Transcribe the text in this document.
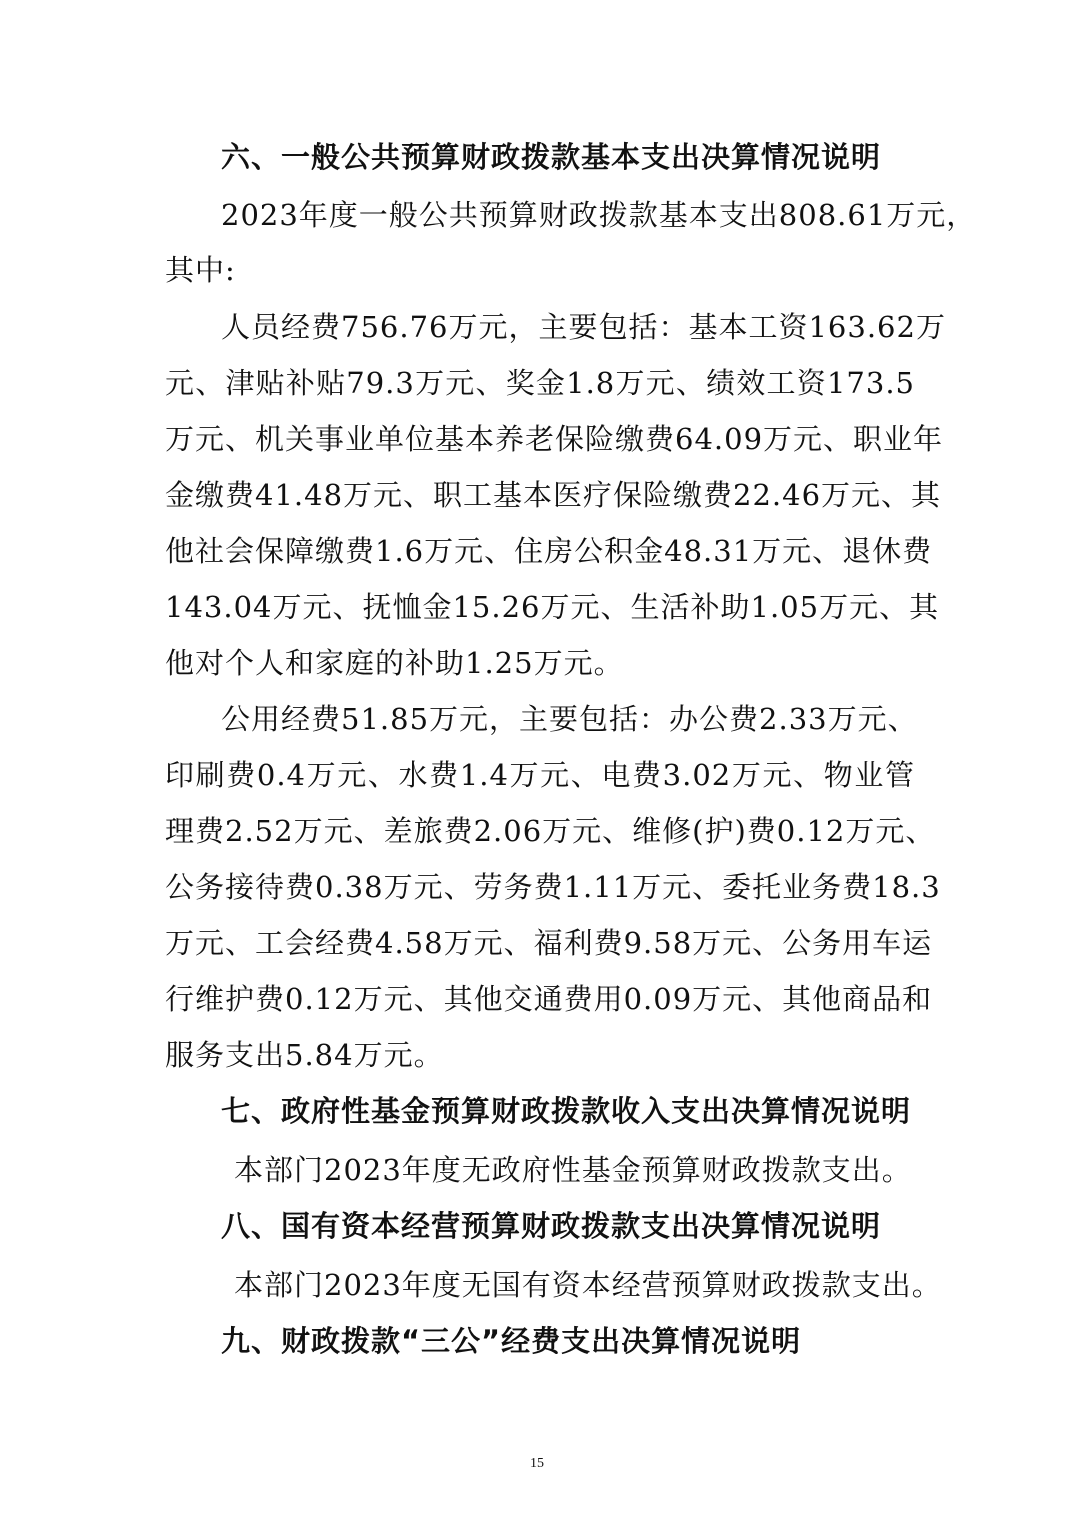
六、一般公共预算财政拨款基本支出决算情况说明
2023年度一般公共预算财政拨款基本支出808.61万元，
其中:
人员经费756.76万元，主要包括：基本工资163.62万
元、津贴补贴79.3万元、奖金1.8万元、绩效工资173.5
万元、机关事业单位基本养老保险缴费64.09万元、职业年
金缴费41.48万元、职工基本医疗保险缴费22.46万元、其
他社会保障缴费1.6万元、住房公积金48.31万元、退休费
143.04万元、抚恤金15.26万元、生活补助1.05万元、其
他对个人和家庭的补助1.25万元。
公用经费51.85万元，主要包括：办公费2.33万元、
印刷费0.4万元、水费1.4万元、电费3.02万元、物业管
理费2.52万元、差旅费2.06万元、维修(护)费0.12万元、
公务接待费0.38万元、劳务费1.11万元、委托业务费18.3
万元、工会经费4.58万元、福利费9.58万元、公务用车运
行维护费0.12万元、其他交通费用0.09万元、其他商品和
服务支出5.84万元。
七、政府性基金预算财政拨款收入支出决算情况说明
本部门2023年度无政府性基金预算财政拨款支出。
八、国有资本经营预算财政拨款支出决算情况说明
本部门2023年度无国有资本经营预算财政拨款支出。
九、财政拨款“三公”经费支出决算情况说明
15
